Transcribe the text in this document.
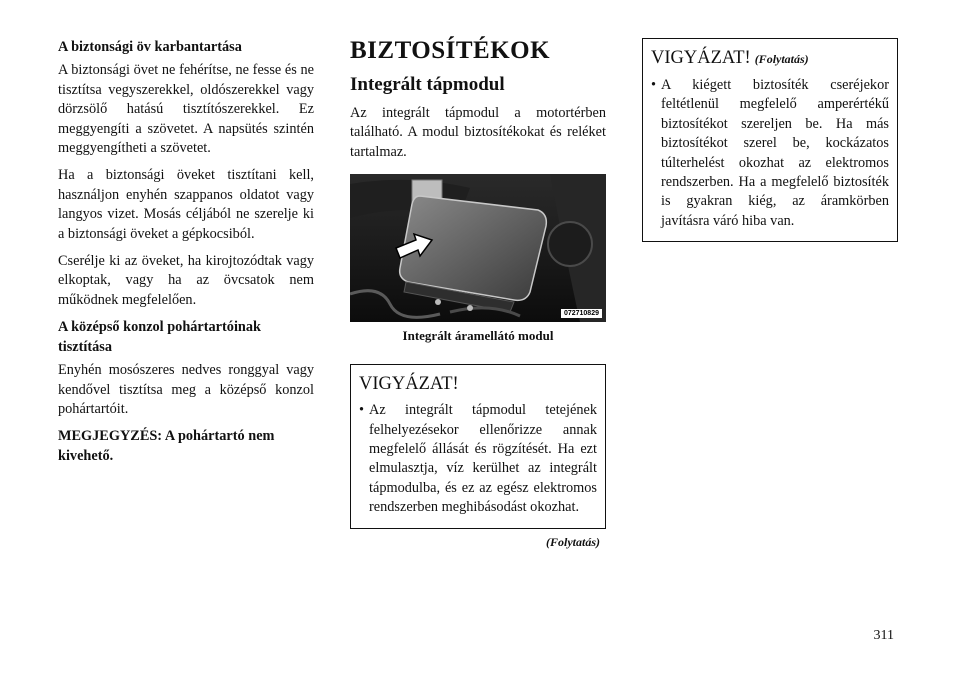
A biztonsági öv karbantartása

A biztonsági övet ne fehérítse, ne fesse és ne tisztítsa vegyszerekkel, oldószerekkel vagy dörzsölő hatású tisztítószerekkel. Ez meggyengíti a szövetet. A napsütés szintén meggyengítheti a szövetet.

Ha a biztonsági öveket tisztítani kell, használjon enyhén szappanos oldatot vagy langyos vizet. Mosás céljából ne szerelje ki a biztonsági öveket a gépkocsiból.

Cserélje ki az öveket, ha kirojtozódtak vagy elkoptak, vagy ha az övcsatok nem működnek megfelelően.

A középső konzol pohártartóinak tisztítása

Enyhén mosószeres nedves ronggyal vagy kendővel tisztítsa meg a középső konzol pohártartóit.

MEGJEGYZÉS: A pohártartó nem kivehető.

BIZTOSÍTÉKOK
Integrált tápmodul

Az integrált tápmodul a motortérben található. A modul biztosítékokat és reléket tartalmaz.

072710829
Integrált áramellátó modul
VIGYÁZAT!
• Az integrált tápmodul tetejének felhelyezésekor ellenőrizze annak megfelelő állását és rögzítését. Ha ezt elmulasztja, víz kerülhet az integrált tápmodulba, és ez az egész elektromos rendszerben meghibásodást okozhat.
(Folytatás)
VIGYÁZAT! (Folytatás)
• A kiégett biztosíték cseréjekor feltétlenül megfelelő amperértékű biztosítékot szereljen be. Ha más biztosítékot szerel be, kockázatos túlterhelést okozhat az elektromos rendszerben. Ha a megfelelő biztosíték is gyakran kiég, az áramkörben javításra váró hiba van.
311
